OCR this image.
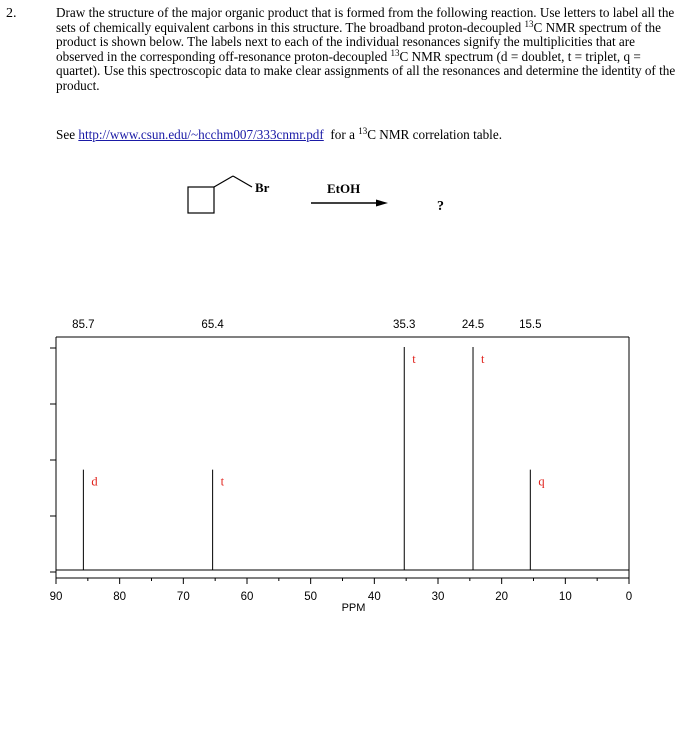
2.	Draw the structure of the major organic product that is formed from the following reaction. Use letters to label all the sets of chemically equivalent carbons in this structure. The broadband proton-decoupled $^{13}$C NMR spectrum of the product is shown below. The labels next to each of the individual resonances signify the multiplicities that are observed in the corresponding off-resonance proton-decoupled $^{13}$C NMR spectrum (d = doublet, t = triplet, q = quartet). Use this spectroscopic data to make clear assignments of all the resonances and determine the identity of the product.

See http://www.csun.edu/~hcchm007/333cnmr.pdf  for a $^{13}$C NMR correlation table.
Br	EtOH
?
90	80	70	60	50	40	30	20	10	0
85.7
d
65.4
t
35.3
t
24.5
t
15.5
q
PPM
